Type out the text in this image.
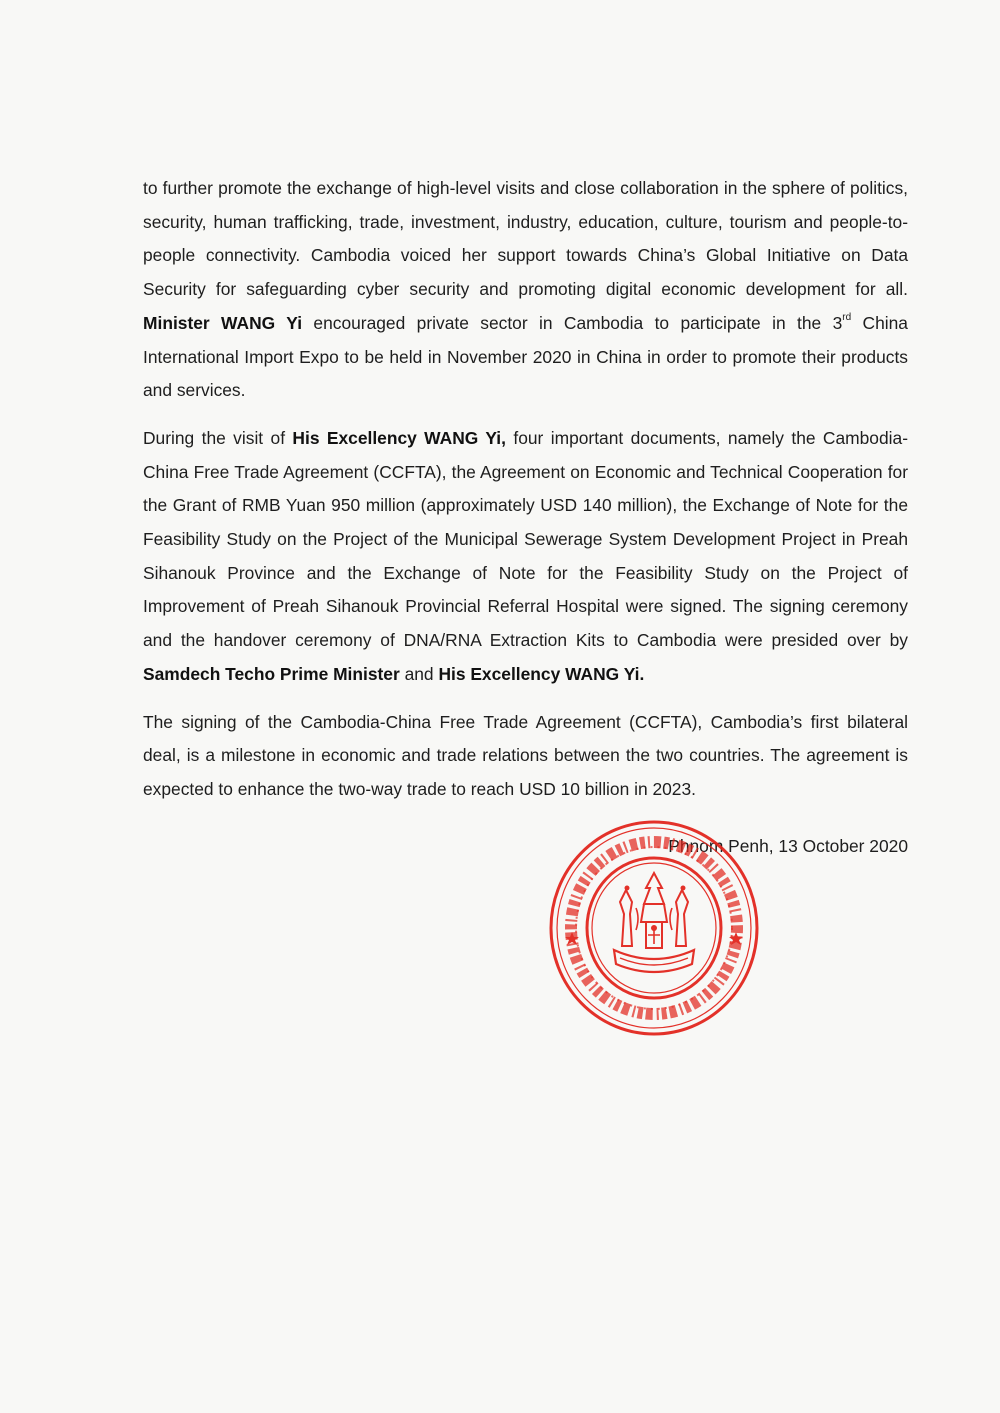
to further promote the exchange of high-level visits and close collaboration in the sphere of politics, security, human trafficking, trade, investment, industry, education, culture, tourism and people-to-people connectivity. Cambodia voiced her support towards China’s Global Initiative on Data Security for safeguarding cyber security and promoting digital economic development for all. Minister WANG Yi encouraged private sector in Cambodia to participate in the 3rd China International Import Expo to be held in November 2020 in China in order to promote their products and services.

During the visit of His Excellency WANG Yi, four important documents, namely the Cambodia-China Free Trade Agreement (CCFTA), the Agreement on Economic and Technical Cooperation for the Grant of RMB Yuan 950 million (approximately USD 140 million), the Exchange of Note for the Feasibility Study on the Project of the Municipal Sewerage System Development Project in Preah Sihanouk Province and the Exchange of Note for the Feasibility Study on the Project of Improvement of Preah Sihanouk Provincial Referral Hospital were signed. The signing ceremony and the handover ceremony of DNA/RNA Extraction Kits to Cambodia were presided over by Samdech Techo Prime Minister and His Excellency WANG Yi.

The signing of the Cambodia-China Free Trade Agreement (CCFTA), Cambodia’s first bilateral deal, is a milestone in economic and trade relations between the two countries. The agreement is expected to enhance the two-way trade to reach USD 10 billion in 2023.

Phnom Penh, 13 October 2020
